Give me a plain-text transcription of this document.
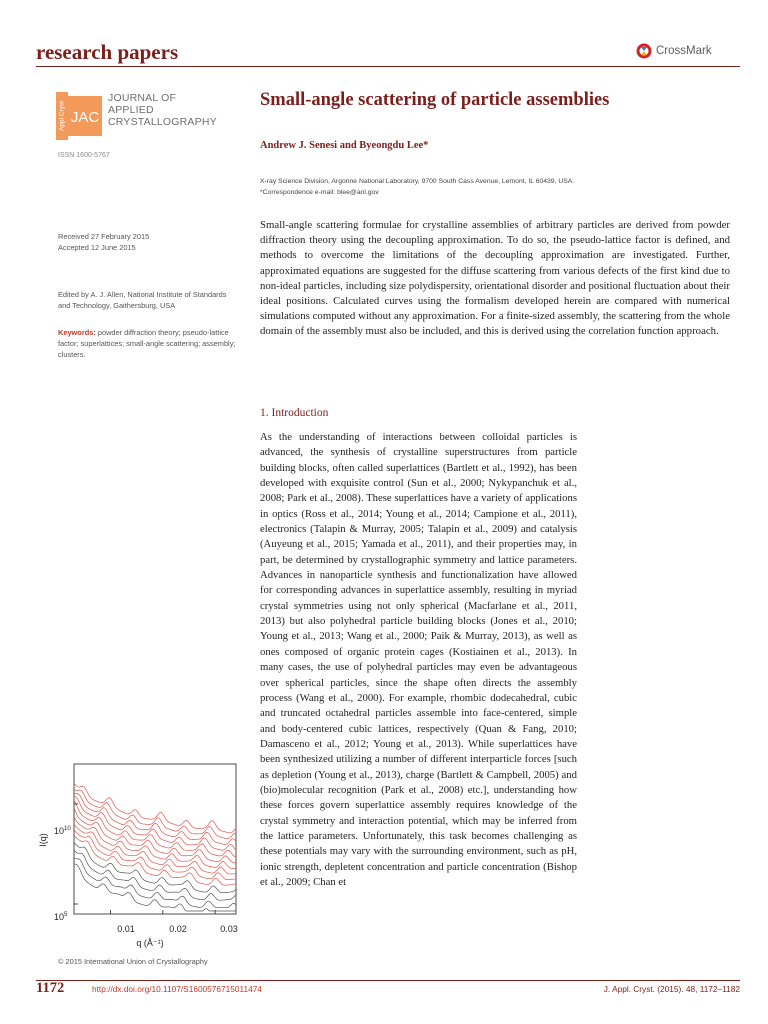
research papers	CrossMark
Appl Cryst JAC
JOURNAL OF
APPLIED
CRYSTALLOGRAPHY
ISSN 1600-5767
Received 27 February 2015
Accepted 12 June 2015
Edited by A. J. Allen, National Institute of Standards and Technology, Gaithersburg, USA
Keywords: powder diffraction theory; pseudo-lattice factor; superlattices; small-angle scattering; assembly; clusters.
Small-angle scattering of particle assemblies
Andrew J. Senesi and Byeongdu Lee*
X-ray Science Division, Argonne National Laboratory, 9700 South Cass Avenue, Lemont, IL 60439, USA.
*Correspondence e-mail: blee@anl.gov
Small-angle scattering formulae for crystalline assemblies of arbitrary particles are derived from powder diffraction theory using the decoupling approximation. To do so, the pseudo-lattice factor is defined, and methods to overcome the limitations of the decoupling approximation are investigated. Further, approximated equations are suggested for the diffuse scattering from various defects of the first kind due to non-ideal particles, including size polydispersity, orientational disorder and positional fluctuation about their ideal positions. Calculated curves using the formalism developed herein are compared with numerical simulations computed without any approximation. For a finite-sized assembly, the scattering from the whole domain of the assembly must also be included, and this is derived using the correlation function approach.
1. Introduction
As the understanding of interactions between colloidal particles is advanced, the synthesis of crystalline superstructures from particle building blocks, often called superlattices (Bartlett et al., 1992), has been developed with exquisite control (Sun et al., 2000; Nykypanchuk et al., 2008; Park et al., 2008). These superlattices have a variety of applications in optics (Ross et al., 2014; Young et al., 2014; Campione et al., 2011), electronics (Talapin & Murray, 2005; Talapin et al., 2009) and catalysis (Auyeung et al., 2015; Yamada et al., 2011), and their properties may, in part, be determined by crystallographic symmetry and lattice parameters. Advances in nanoparticle synthesis and functionalization have allowed for corresponding advances in superlattice assembly, resulting in myriad crystal symmetries using not only spherical (Macfarlane et al., 2011, 2013) but also polyhedral particle building blocks (Jones et al., 2010; Young et al., 2013; Wang et al., 2000; Paik & Murray, 2013), as well as ones composed of organic protein cages (Kostiainen et al., 2013). In many cases, the use of polyhedral particles may even be advantageous over spherical particles, since the shape often directs the assembly process (Wang et al., 2000). For example, rhombic dodecahedral, cubic and truncated octahedral particles assemble into face-centered, simple and body-centered cubic lattices, respectively (Quan & Fang, 2010; Damasceno et al., 2012; Young et al., 2013). While superlattices have been synthesized utilizing a number of different interparticle forces [such as depletion (Young et al., 2013), charge (Bartlett & Campbell, 2005) and (bio)molecular recognition (Park et al., 2008) etc.], understanding how these forces govern superlattice assembly requires knowledge of the crystal symmetry and interaction potential, which may be inferred from the lattice parameters. Unfortunately, this task becomes challenging as these potentials may vary with the surrounding environment, such as pH, ionic strength, depletent concentration and particle concentration (Bishop et al., 2009; Chan et
I(q)
q (Å⁻¹)
$10^{10}$
$10^5$
0.01	0.02	0.03
© 2015 International Union of Crystallography
1172	http://dx.doi.org/10.1107/S1600576715011474	J. Appl. Cryst. (2015). 48, 1172–1182
